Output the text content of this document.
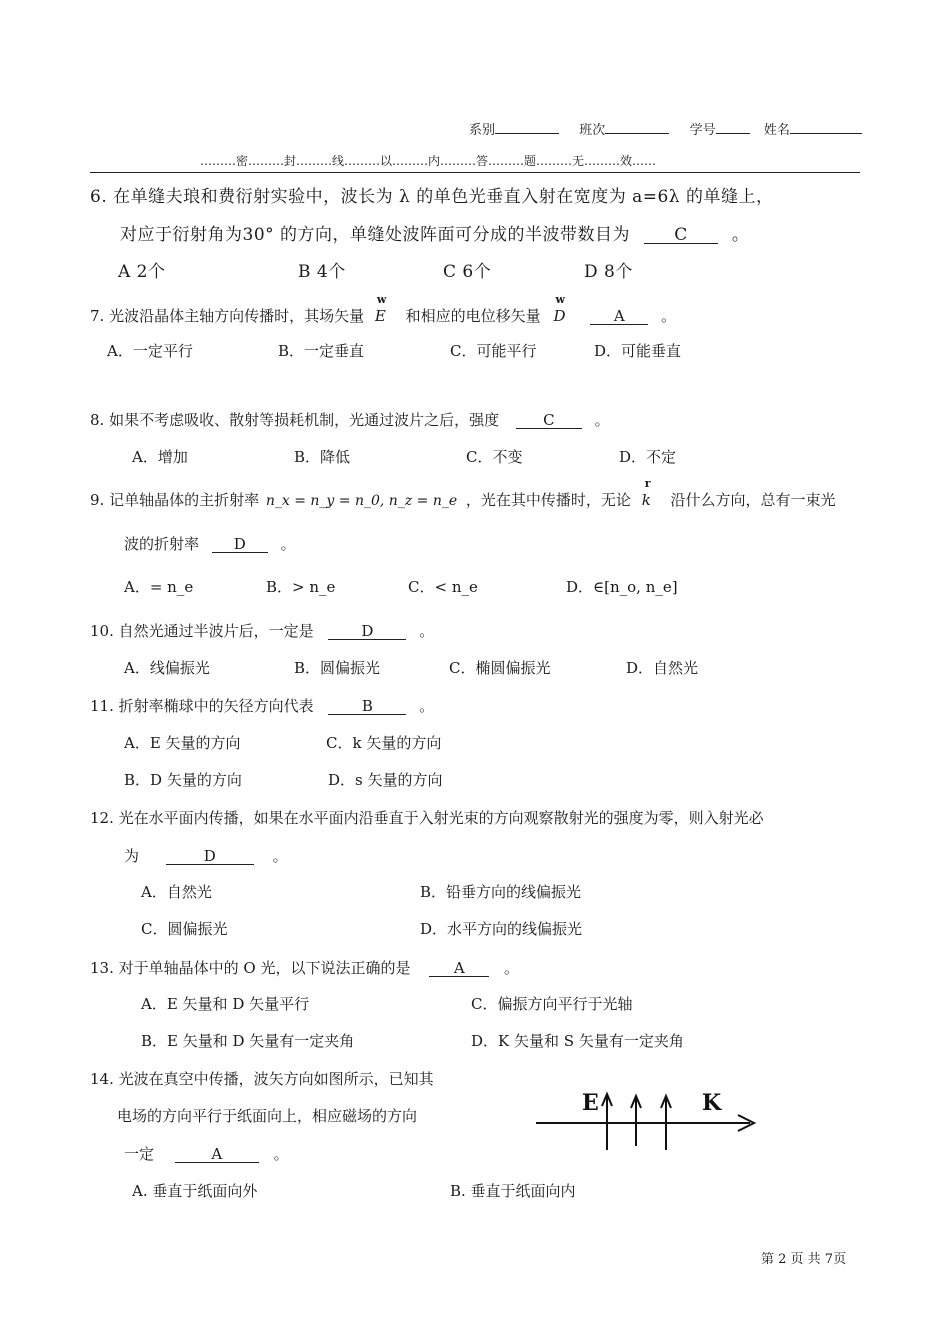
系别	班次	学号	姓名
………密………封………线………以………内………答………题………无………效……
6. 在单缝夫琅和费衍射实验中，波长为 λ 的单色光垂直入射在宽度为 a=6λ 的单缝上，
对应于衍射角为30° 的方向，单缝处波阵面可分成的半波带数目为	C	。
A 2个	B 4个	C 6个	D 8个
7. 光波沿晶体主轴方向传播时，其场矢量
w
E 和相应的电位移矢量
w
D	A 。
A．一定平行	B．一定垂直	C．可能平行	D．可能垂直
8. 如果不考虑吸收、散射等损耗机制，光通过波片之后，强度	C	。
A．增加	B．降低	C．不变	D．不定
9. 记单轴晶体的主折射率 n_x = n_y = n_0, n_z = n_e ，光在其中传播时，无论
r
k 沿什么方向，总有一束光
波的折射率 D 。
A．= n_e	B．> n_e	C．< n_e	D．∈[n_o, n_e]
10. 自然光通过半波片后，一定是	D	。
A．线偏振光	B．圆偏振光	C．椭圆偏振光	D．自然光
11. 折射率椭球中的矢径方向代表	B	。
A．E 矢量的方向	C．k 矢量的方向
B．D 矢量的方向	D．s 矢量的方向
12. 光在水平面内传播，如果在水平面内沿垂直于入射光束的方向观察散射光的强度为零，则入射光必
为	D	。
A．自然光	B．铅垂方向的线偏振光
C．圆偏振光	D．水平方向的线偏振光
13. 对于单轴晶体中的 O 光，以下说法正确的是	A	。
A．E 矢量和 D 矢量平行	C．偏振方向平行于光轴
B．E 矢量和 D 矢量有一定夹角	D．K 矢量和 S 矢量有一定夹角
14. 光波在真空中传播，波矢方向如图所示，已知其
电场的方向平行于纸面向上，相应磁场的方向
一定	A	。
A. 垂直于纸面向外	B. 垂直于纸面向内
E	K
第 2 页 共 7页
